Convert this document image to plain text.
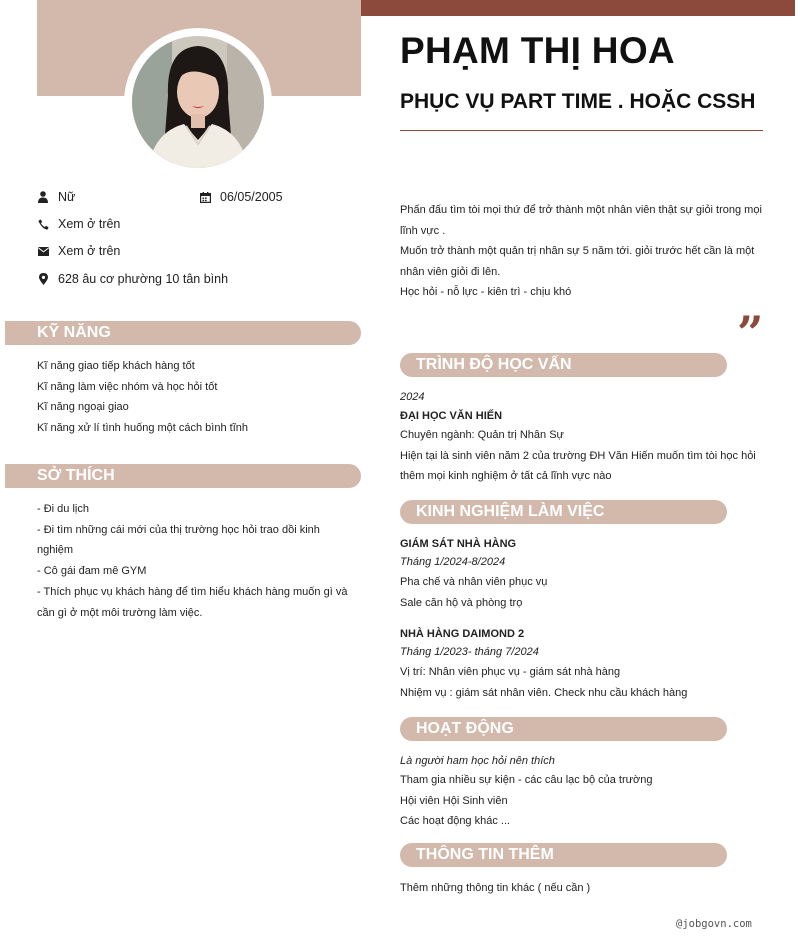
PHẠM THỊ HOA
PHỤC VỤ PART TIME . HOẶC CSSH
Nữ	06/05/2005
Xem ở trên
Xem ở trên
628 âu cơ phường 10 tân bình
KỸ NĂNG
Kĩ năng giao tiếp khách hàng tốt
Kĩ năng làm việc nhóm và học hỏi tốt
Kĩ năng ngoại giao
Kĩ năng xử lí tình huống một cách bình tĩnh
SỞ THÍCH
- Đi du lịch
- Đi tìm những cái mới của thị trường học hỏi trao dồi kinh nghiệm
- Cô gái đam mê GYM
- Thích phục vụ khách hàng để tìm hiểu khách hàng muốn gì và cần gì ở một môi trường làm việc.
Phấn đấu tìm tòi mọi thứ để trở thành một nhân viên thật sự giỏi trong mọi lĩnh vực .
Muốn trở thành một quản trị nhân sự 5 năm tới. giỏi trước hết cần là một nhân viên giỏi đi lên.
Học hỏi - nỗ lực - kiên trì - chịu khó
”
TRÌNH ĐỘ HỌC VẤN
2024
ĐẠI HỌC VĂN HIẾN
Chuyên ngành: Quản trị Nhân Sự
Hiện tại là sinh viên năm 2 của trường ĐH Văn Hiến muốn tìm tòi học hỏi thêm mọi kinh nghiệm ở tất cả lĩnh vực nào
KINH NGHIỆM LÀM VIỆC
GIÁM SÁT NHÀ HÀNG
Tháng 1/2024-8/2024
Pha chế và nhân viên phục vụ
Sale căn hộ và phòng trọ
NHÀ HÀNG DAIMOND 2
Tháng 1/2023- tháng 7/2024
Vị trí: Nhân viên phục vụ - giám sát nhà hàng
Nhiệm vụ : giám sát nhân viên. Check nhu cầu khách hàng
HOẠT ĐỘNG
Là người ham học hỏi nên thích
Tham gia nhiều sự kiện - các câu lạc bộ của trường
Hội viên Hội Sinh viên
Các hoạt động khác ...
THÔNG TIN THÊM
Thêm những thông tin khác ( nếu cần )
@jobgovn.com
